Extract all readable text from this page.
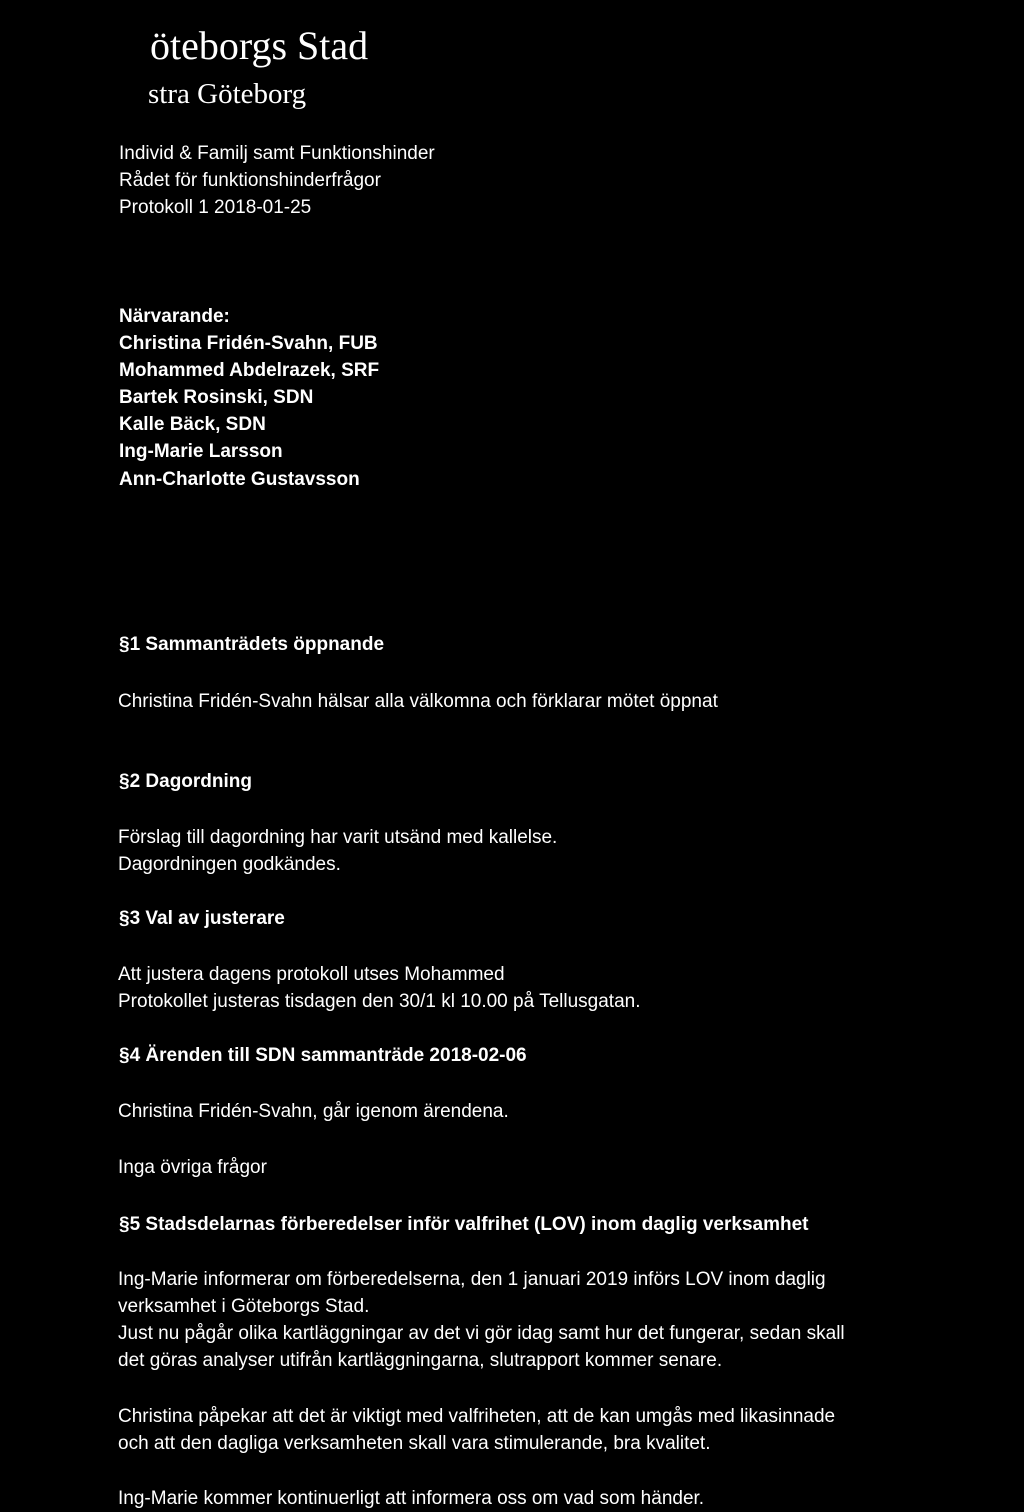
öteborgs Stad
stra Göteborg
Individ & Familj samt Funktionshinder
Rådet för funktionshinderfrågor
Protokoll 1 2018-01-25
Närvarande:
Christina Fridén-Svahn, FUB
Mohammed Abdelrazek, SRF
Bartek Rosinski, SDN
Kalle Bäck, SDN
Ing-Marie Larsson
Ann-Charlotte Gustavsson
§1 Sammanträdets öppnande
Christina Fridén-Svahn hälsar alla välkomna och förklarar mötet öppnat
§2 Dagordning
Förslag till dagordning har varit utsänd med kallelse.
Dagordningen godkändes.
§3 Val av justerare
Att justera dagens protokoll utses Mohammed
Protokollet justeras tisdagen den 30/1 kl 10.00 på Tellusgatan.
§4 Ärenden till SDN sammanträde 2018-02-06
Christina Fridén-Svahn, går igenom ärendena.
Inga övriga frågor
§5 Stadsdelarnas förberedelser inför valfrihet (LOV) inom daglig verksamhet
Ing-Marie informerar om förberedelserna, den 1 januari 2019 införs LOV inom daglig
verksamhet i Göteborgs Stad.
Just nu pågår olika kartläggningar av det vi gör idag samt hur det fungerar, sedan skall
det göras analyser utifrån kartläggningarna, slutrapport kommer senare.
Christina påpekar att det är viktigt med valfriheten, att de kan umgås med likasinnade
och att den dagliga verksamheten skall vara stimulerande, bra kvalitet.
Ing-Marie kommer kontinuerligt att informera oss om vad som händer.
